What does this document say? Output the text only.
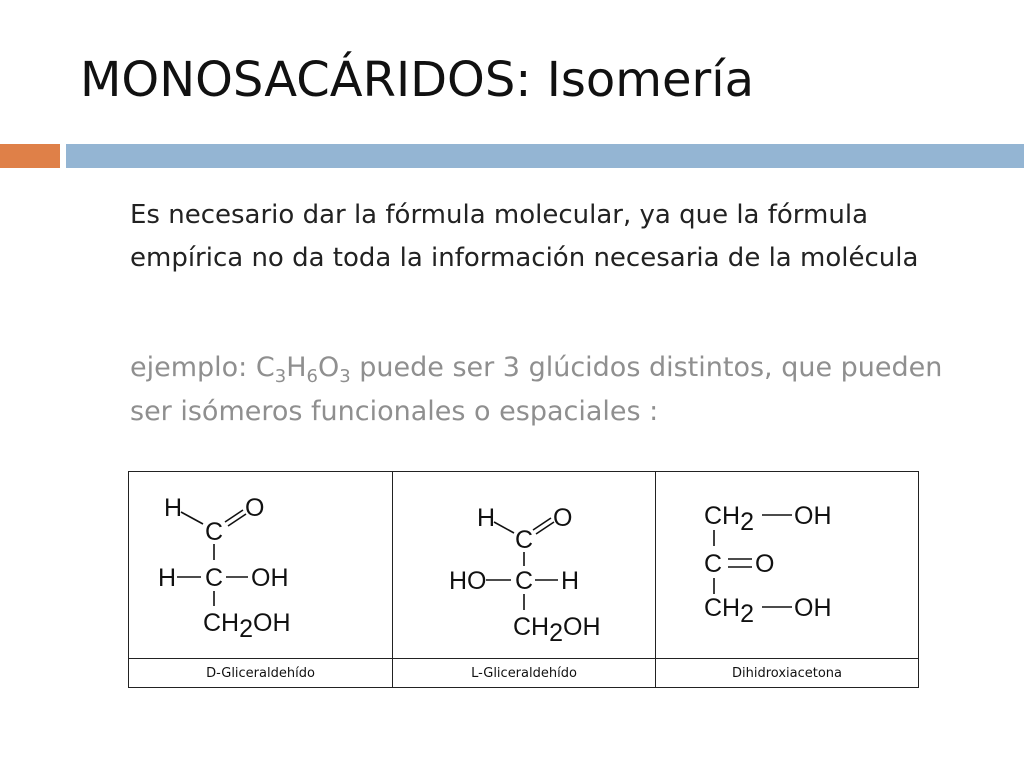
MONOSACÁRIDOS: Isomería

Es necesario dar la fórmula molecular, ya que la fórmula empírica no da toda la información necesaria de la molécula

ejemplo: $C_3H_6O_3$ puede ser 3 glúcidos distintos, que pueden ser isómeros funcionales o espaciales :

H
C
O
H C OH
CH2OH
H
C
O
HO C H
CH2OH
CH2 OH
C O
CH2 OH
D-Gliceraldehído	L-Gliceraldehído	Dihidroxiacetona
